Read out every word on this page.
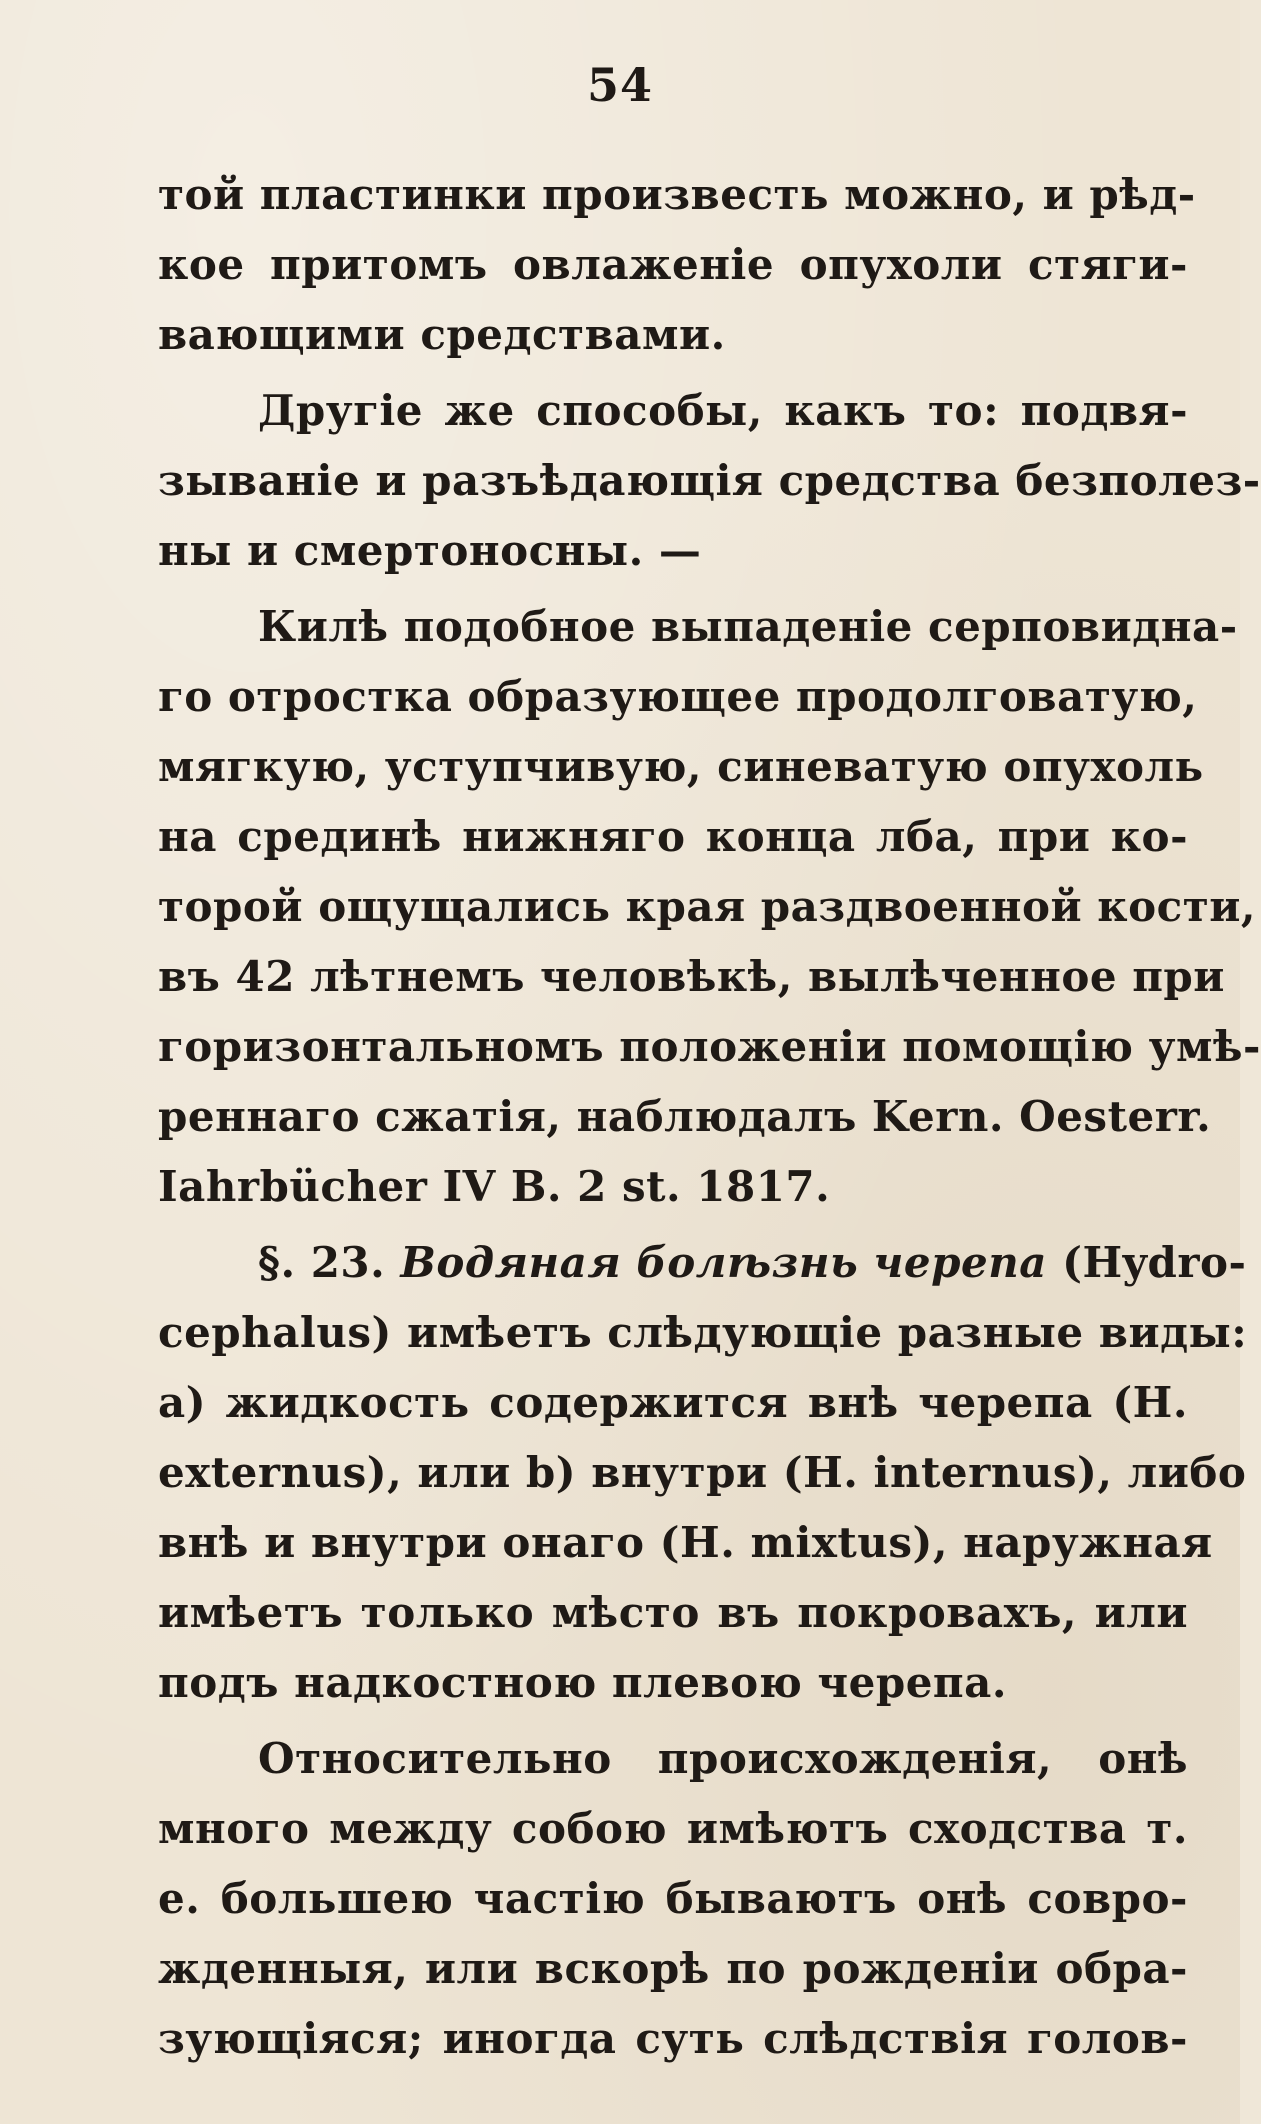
54

той пластинки произвесть можно, и рѣд-
кое притомъ овлаженіе опухоли стяги-
вающими средствами.

Другіе же способы, какъ то: подвя-
зываніе и разъѣдающія средства безполез-
ны и смертоносны. —

Килѣ подобное выпаденіе серповидна-
го отростка образующее продолговатую,
мягкую, уступчивую, синеватую опухоль
на срединѣ нижняго конца лба, при ко-
торой ощущались края раздвоенной кости,
въ 42 лѣтнемъ человѣкѣ, вылѣченное при
горизонтальномъ положеніи помощію умѣ-
реннаго сжатія, наблюдалъ Kern. Oesterr.
Iahrbücher IV B. 2 st. 1817.

§. 23. Водяная болѣзнь черепа (Hydro-
cephalus) имѣетъ слѣдующіе разные виды:
a) жидкость содержится внѣ черепа (H.
externus), или b) внутри (H. internus), либо
внѣ и внутри онаго (H. mixtus), наружная
имѣетъ только мѣсто въ покровахъ, или
подъ надкостною плевою черепа.

Относительно происхожденія, онѣ
много между собою имѣютъ сходства т.
е. большею частію бываютъ онѣ совро-
жденныя, или вскорѣ по рожденіи обра-
зующіяся; иногда суть слѣдствія голов-
